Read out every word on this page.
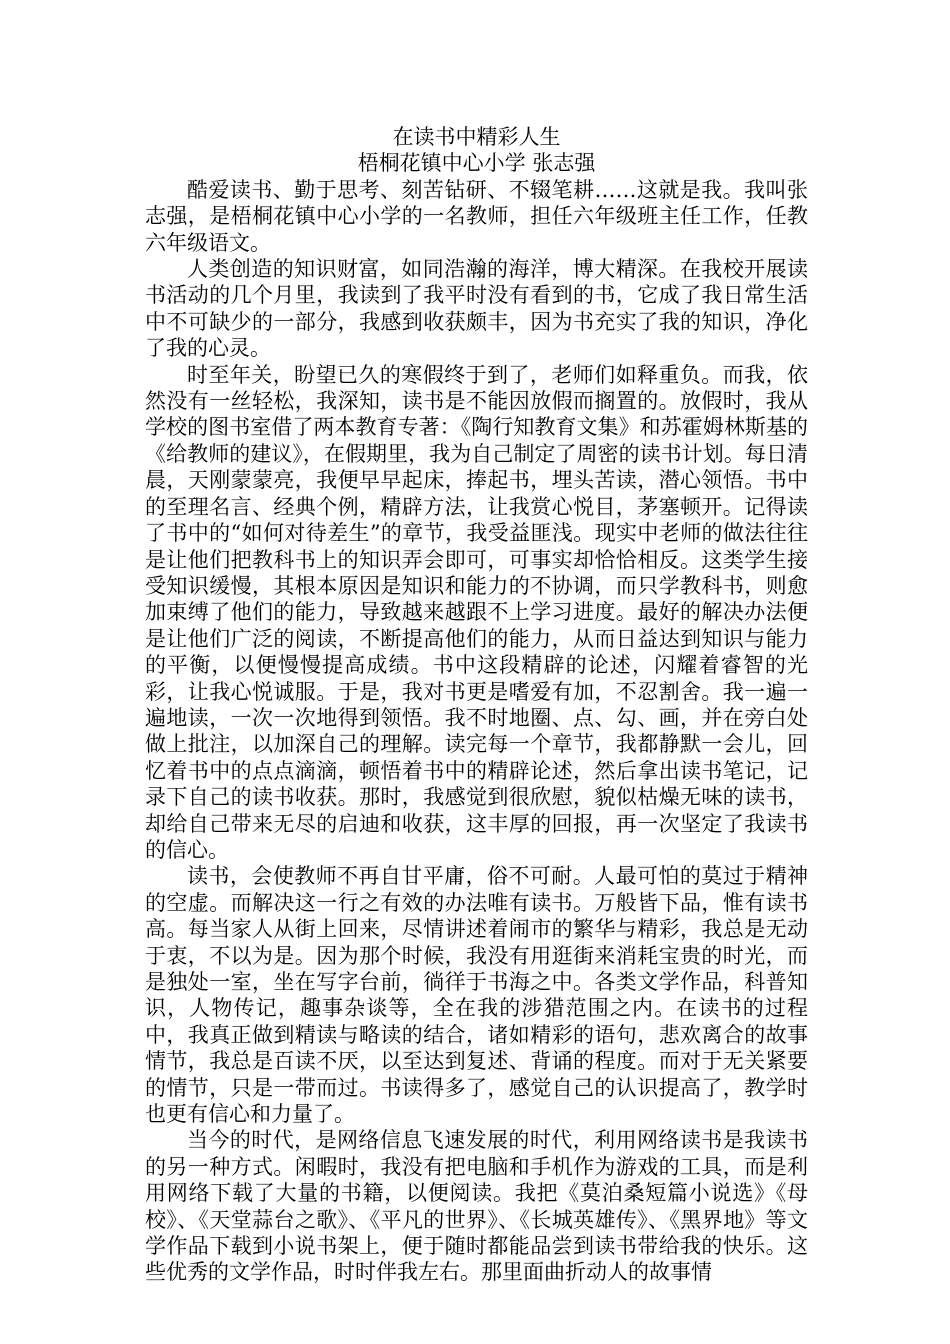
在读书中精彩人生
梧桐花镇中心小学 张志强

酷爱读书、勤于思考、刻苦钻研、不辍笔耕……这就是我。我叫张志强，是梧桐花镇中心小学的一名教师，担任六年级班主任工作，任教六年级语文。

人类创造的知识财富，如同浩瀚的海洋，博大精深。在我校开展读书活动的几个月里，我读到了我平时没有看到的书，它成了我日常生活中不可缺少的一部分，我感到收获颇丰，因为书充实了我的知识，净化了我的心灵。

时至年关，盼望已久的寒假终于到了，老师们如释重负。而我，依然没有一丝轻松，我深知，读书是不能因放假而搁置的。放假时，我从学校的图书室借了两本教育专著：《陶行知教育文集》和苏霍姆林斯基的《给教师的建议》，在假期里，我为自己制定了周密的读书计划。每日清晨，天刚蒙蒙亮，我便早早起床，捧起书，埋头苦读，潜心领悟。书中的至理名言、经典个例，精辟方法，让我赏心悦目，茅塞顿开。记得读了书中的“如何对待差生”的章节，我受益匪浅。现实中老师的做法往往是让他们把教科书上的知识弄会即可，可事实却恰恰相反。这类学生接受知识缓慢，其根本原因是知识和能力的不协调，而只学教科书，则愈加束缚了他们的能力，导致越来越跟不上学习进度。最好的解决办法便是让他们广泛的阅读，不断提高他们的能力，从而日益达到知识与能力的平衡，以便慢慢提高成绩。书中这段精辟的论述，闪耀着睿智的光彩，让我心悦诚服。于是，我对书更是嗜爱有加，不忍割舍。我一遍一遍地读，一次一次地得到领悟。我不时地圈、点、勾、画，并在旁白处做上批注，以加深自己的理解。读完每一个章节，我都静默一会儿，回忆着书中的点点滴滴，顿悟着书中的精辟论述，然后拿出读书笔记，记录下自己的读书收获。那时，我感觉到很欣慰，貌似枯燥无味的读书，却给自己带来无尽的启迪和收获，这丰厚的回报，再一次坚定了我读书的信心。

读书，会使教师不再自甘平庸，俗不可耐。人最可怕的莫过于精神的空虚。而解决这一行之有效的办法唯有读书。万般皆下品，惟有读书高。每当家人从街上回来，尽情讲述着闹市的繁华与精彩，我总是无动于衷，不以为是。因为那个时候，我没有用逛街来消耗宝贵的时光，而是独处一室，坐在写字台前，徜徉于书海之中。各类文学作品，科普知识，人物传记，趣事杂谈等，全在我的涉猎范围之内。在读书的过程中，我真正做到精读与略读的结合，诸如精彩的语句，悲欢离合的故事情节，我总是百读不厌，以至达到复述、背诵的程度。而对于无关紧要的情节，只是一带而过。书读得多了，感觉自己的认识提高了，教学时也更有信心和力量了。

当今的时代，是网络信息飞速发展的时代，利用网络读书是我读书的另一种方式。闲暇时，我没有把电脑和手机作为游戏的工具，而是利用网络下载了大量的书籍，以便阅读。我把《莫泊桑短篇小说选》《母校》、《天堂蒜台之歌》、《平凡的世界》、《长城英雄传》、《黑界地》等文学作品下载到小说书架上，便于随时都能品尝到读书带给我的快乐。这些优秀的文学作品，时时伴我左右。那里面曲折动人的故事情
